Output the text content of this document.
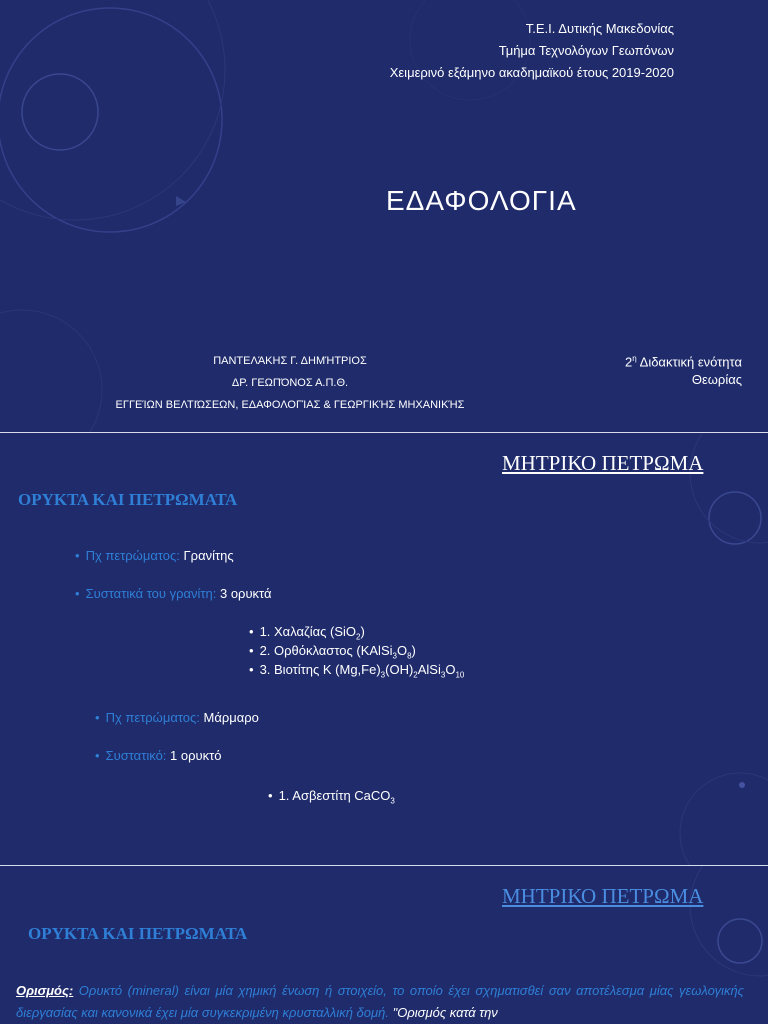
Τ.Ε.Ι. Δυτικής Μακεδονίας
Τμήμα Τεχνολόγων Γεωπόνων
Χειμερινό εξάμηνο ακαδημαϊκού έτους 2019-2020
ΕΔΑΦΟΛΟΓΙΑ
ΠΑΝΤΕΛΆΚΗΣ Γ. ΔΗΜΉΤΡΙΟΣ
ΔΡ. ΓΕΩΠΌΝΟΣ Α.Π.Θ.
ΕΓΓΕΊΩΝ ΒΕΛΤΙΏΣΕΩΝ, ΕΔΑΦΟΛΟΓΊΑΣ & ΓΕΩΡΓΙΚΉΣ ΜΗΧΑΝΙΚΉΣ
$2^\eta$ Διδακτική ενότητα
Θεωρίας
ΜΗΤΡΙΚΟ ΠΕΤΡΩΜΑ
ΟΡΥΚΤΑ ΚΑΙ ΠΕΤΡΩΜΑΤΑ
• Πχ πετρώματος: Γρανίτης
• Συστατικά του γρανίτη: 3 ορυκτά
• 1. Χαλαζίας (SiO$_2$)
• 2. Ορθόκλαστος $(KAlSi_3O_8)$
• 3. Βιοτίτης K $(Mg,Fe)_3(OH)_2AlSi_3O_{10}$
• Πχ πετρώματος: Μάρμαρο
• Συστατικό: 1 ορυκτό
• 1. Ασβεστίτη CaCO$_3$
ΜΗΤΡΙΚΟ ΠΕΤΡΩΜΑ
ΟΡΥΚΤΑ ΚΑΙ ΠΕΤΡΩΜΑΤΑ
Ορισμός: Ορυκτό (mineral) είναι μία χημική ένωση ή στοιχείο, το οποίο έχει σχηματισθεί σαν αποτέλεσμα μίας γεωλογικής διεργασίας και κανονικά έχει μία συγκεκριμένη κρυσταλλική δομή. "Ορισμός κατά την
